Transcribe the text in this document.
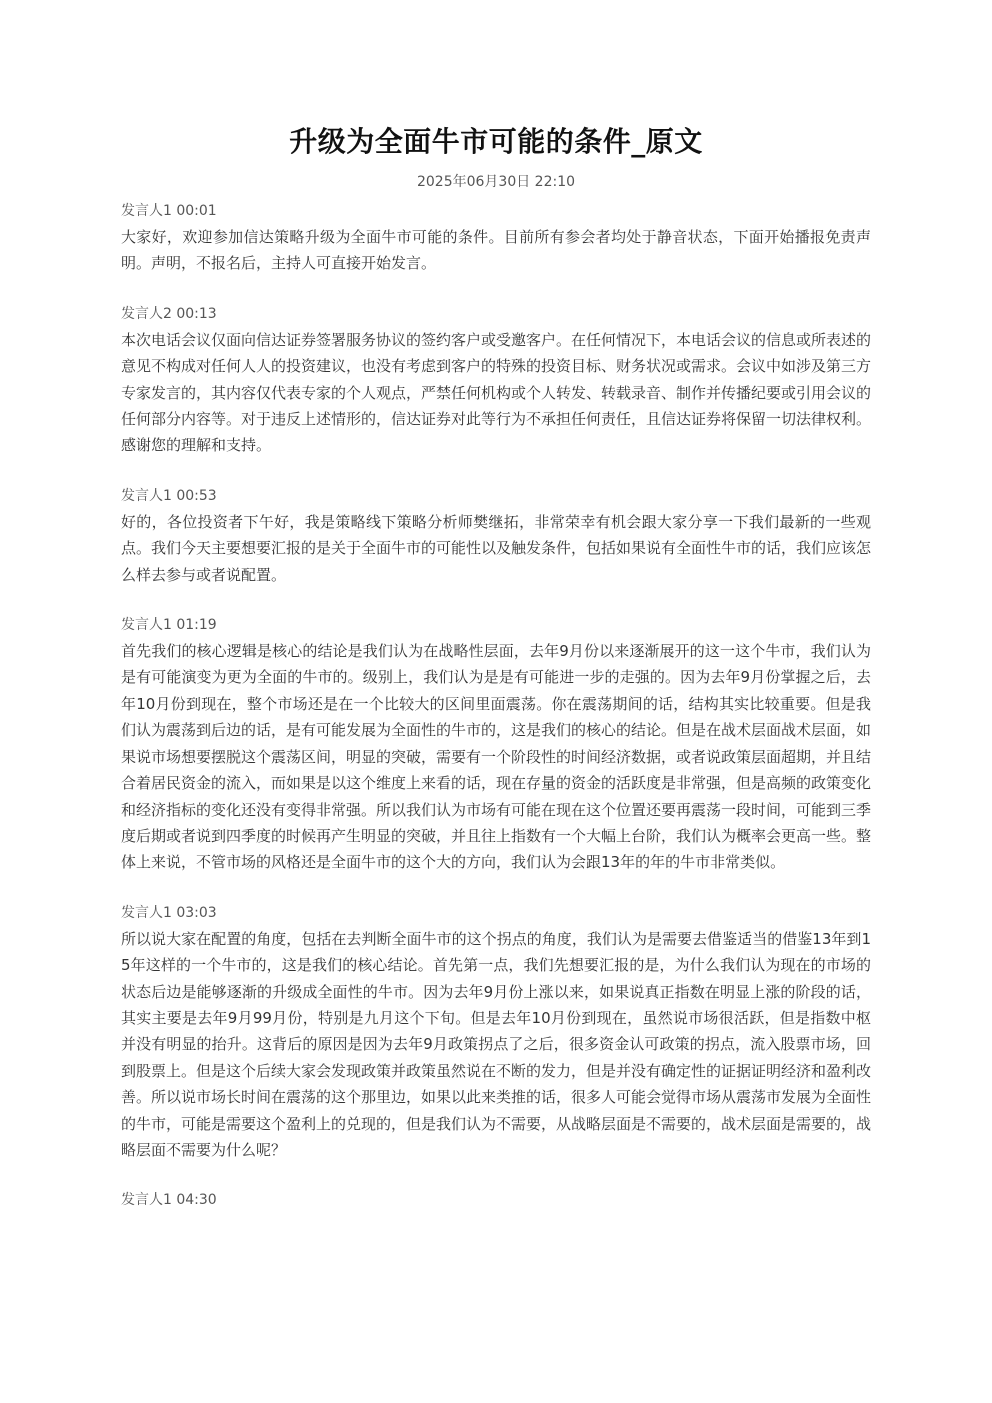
升级为全面牛市可能的条件_原文
2025年06月30日 22:10
发言人1 00:01
大家好，欢迎参加信达策略升级为全面牛市可能的条件。目前所有参会者均处于静音状态，下面开始播报免责声明。声明，不报名后，主持人可直接开始发言。
发言人2 00:13
本次电话会议仅面向信达证券签署服务协议的签约客户或受邀客户。在任何情况下，本电话会议的信息或所表述的意见不构成对任何人人的投资建议，也没有考虑到客户的特殊的投资目标、财务状况或需求。会议中如涉及第三方专家发言的，其内容仅代表专家的个人观点，严禁任何机构或个人转发、转载录音、制作并传播纪要或引用会议的任何部分内容等。对于违反上述情形的，信达证券对此等行为不承担任何责任，且信达证券将保留一切法律权利。感谢您的理解和支持。
发言人1 00:53
好的，各位投资者下午好，我是策略线下策略分析师樊继拓，非常荣幸有机会跟大家分享一下我们最新的一些观点。我们今天主要想要汇报的是关于全面牛市的可能性以及触发条件，包括如果说有全面性牛市的话，我们应该怎么样去参与或者说配置。
发言人1 01:19
首先我们的核心逻辑是核心的结论是我们认为在战略性层面，去年9月份以来逐渐展开的这一这个牛市，我们认为是有可能演变为更为全面的牛市的。级别上，我们认为是是有可能进一步的走强的。因为去年9月份掌握之后，去年10月份到现在，整个市场还是在一个比较大的区间里面震荡。你在震荡期间的话，结构其实比较重要。但是我们认为震荡到后边的话，是有可能发展为全面性的牛市的，这是我们的核心的结论。但是在战术层面战术层面，如果说市场想要摆脱这个震荡区间，明显的突破，需要有一个阶段性的时间经济数据，或者说政策层面超期，并且结合着居民资金的流入，而如果是以这个维度上来看的话，现在存量的资金的活跃度是非常强，但是高频的政策变化和经济指标的变化还没有变得非常强。所以我们认为市场有可能在现在这个位置还要再震荡一段时间，可能到三季度后期或者说到四季度的时候再产生明显的突破，并且往上指数有一个大幅上台阶，我们认为概率会更高一些。整体上来说，不管市场的风格还是全面牛市的这个大的方向，我们认为会跟13年的年的牛市非常类似。
发言人1 03:03
所以说大家在配置的角度，包括在去判断全面牛市的这个拐点的角度，我们认为是需要去借鉴适当的借鉴13年到15年这样的一个牛市的，这是我们的核心结论。首先第一点，我们先想要汇报的是，为什么我们认为现在的市场的状态后边是能够逐渐的升级成全面性的牛市。因为去年9月份上涨以来，如果说真正指数在明显上涨的阶段的话，其实主要是去年9月99月份，特别是九月这个下旬。但是去年10月份到现在，虽然说市场很活跃，但是指数中枢并没有明显的抬升。这背后的原因是因为去年9月政策拐点了之后，很多资金认可政策的拐点，流入股票市场，回到股票上。但是这个后续大家会发现政策并政策虽然说在不断的发力，但是并没有确定性的证据证明经济和盈利改善。所以说市场长时间在震荡的这个那里边，如果以此来类推的话，很多人可能会觉得市场从震荡市发展为全面性的牛市，可能是需要这个盈利上的兑现的，但是我们认为不需要，从战略层面是不需要的，战术层面是需要的，战略层面不需要为什么呢？
发言人1 04:30
